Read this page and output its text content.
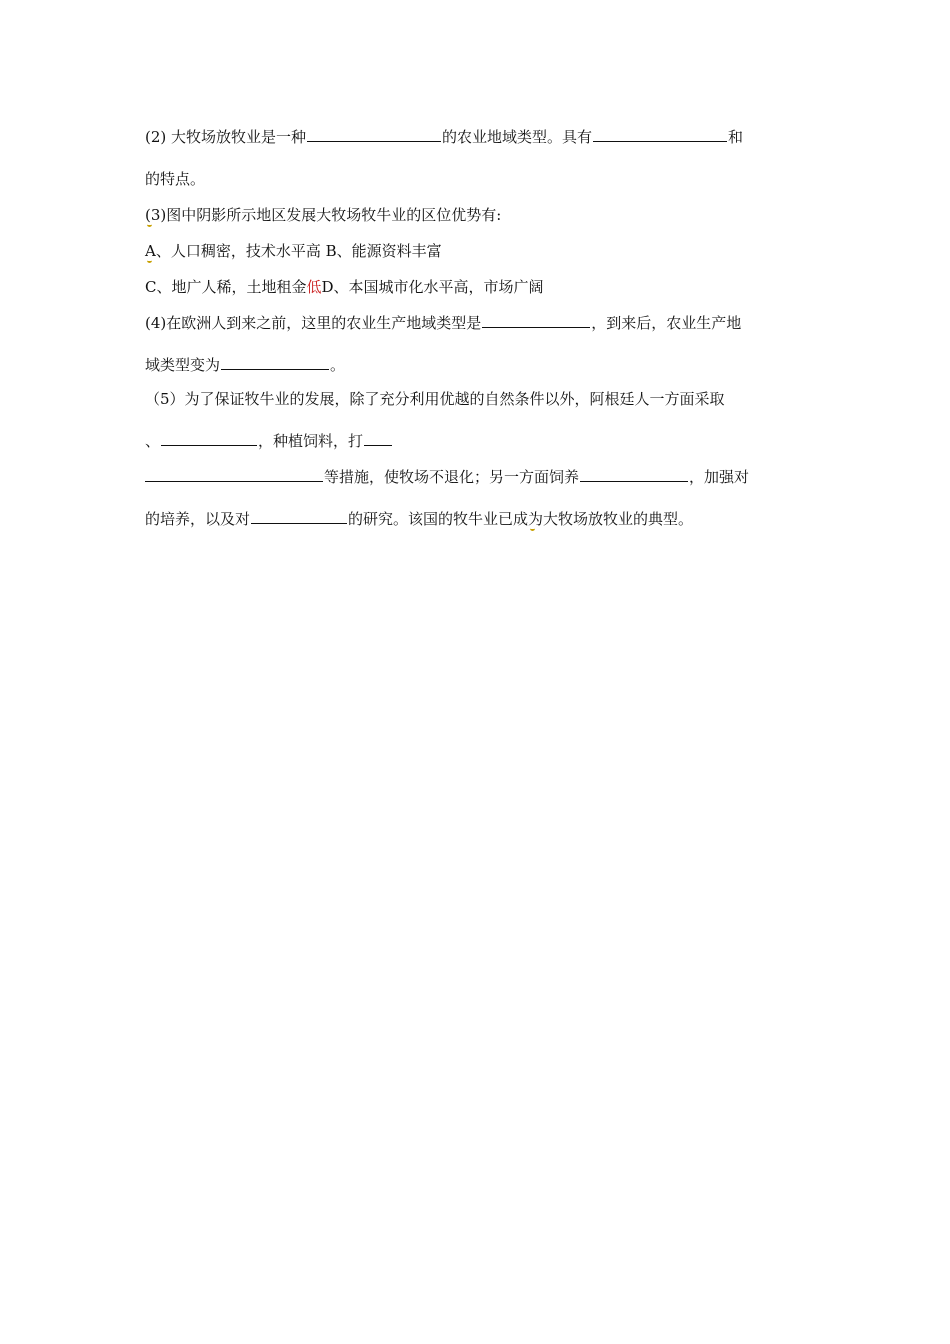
(2) 大牧场放牧业是一种	的农业地域类型。具有	和
的特点。
(3)图中阴影所示地区发展大牧场牧牛业的区位优势有:
A、人口稠密，技术水平高 B、能源资料丰富
C、地广人稀，土地租金低D、本国城市化水平高，市场广阔
(4)在欧洲人到来之前，这里的农业生产地域类型是	，到来后，农业生产地
域类型变为	。
（5）为了保证牧牛业的发展，除了充分利用优越的自然条件以外，阿根廷人一方面采取
、	，种植饲料，打
等措施，使牧场不退化；另一方面饲养	，加强对
的培养，以及对	的研究。该国的牧牛业已成为大牧场放牧业的典型。
